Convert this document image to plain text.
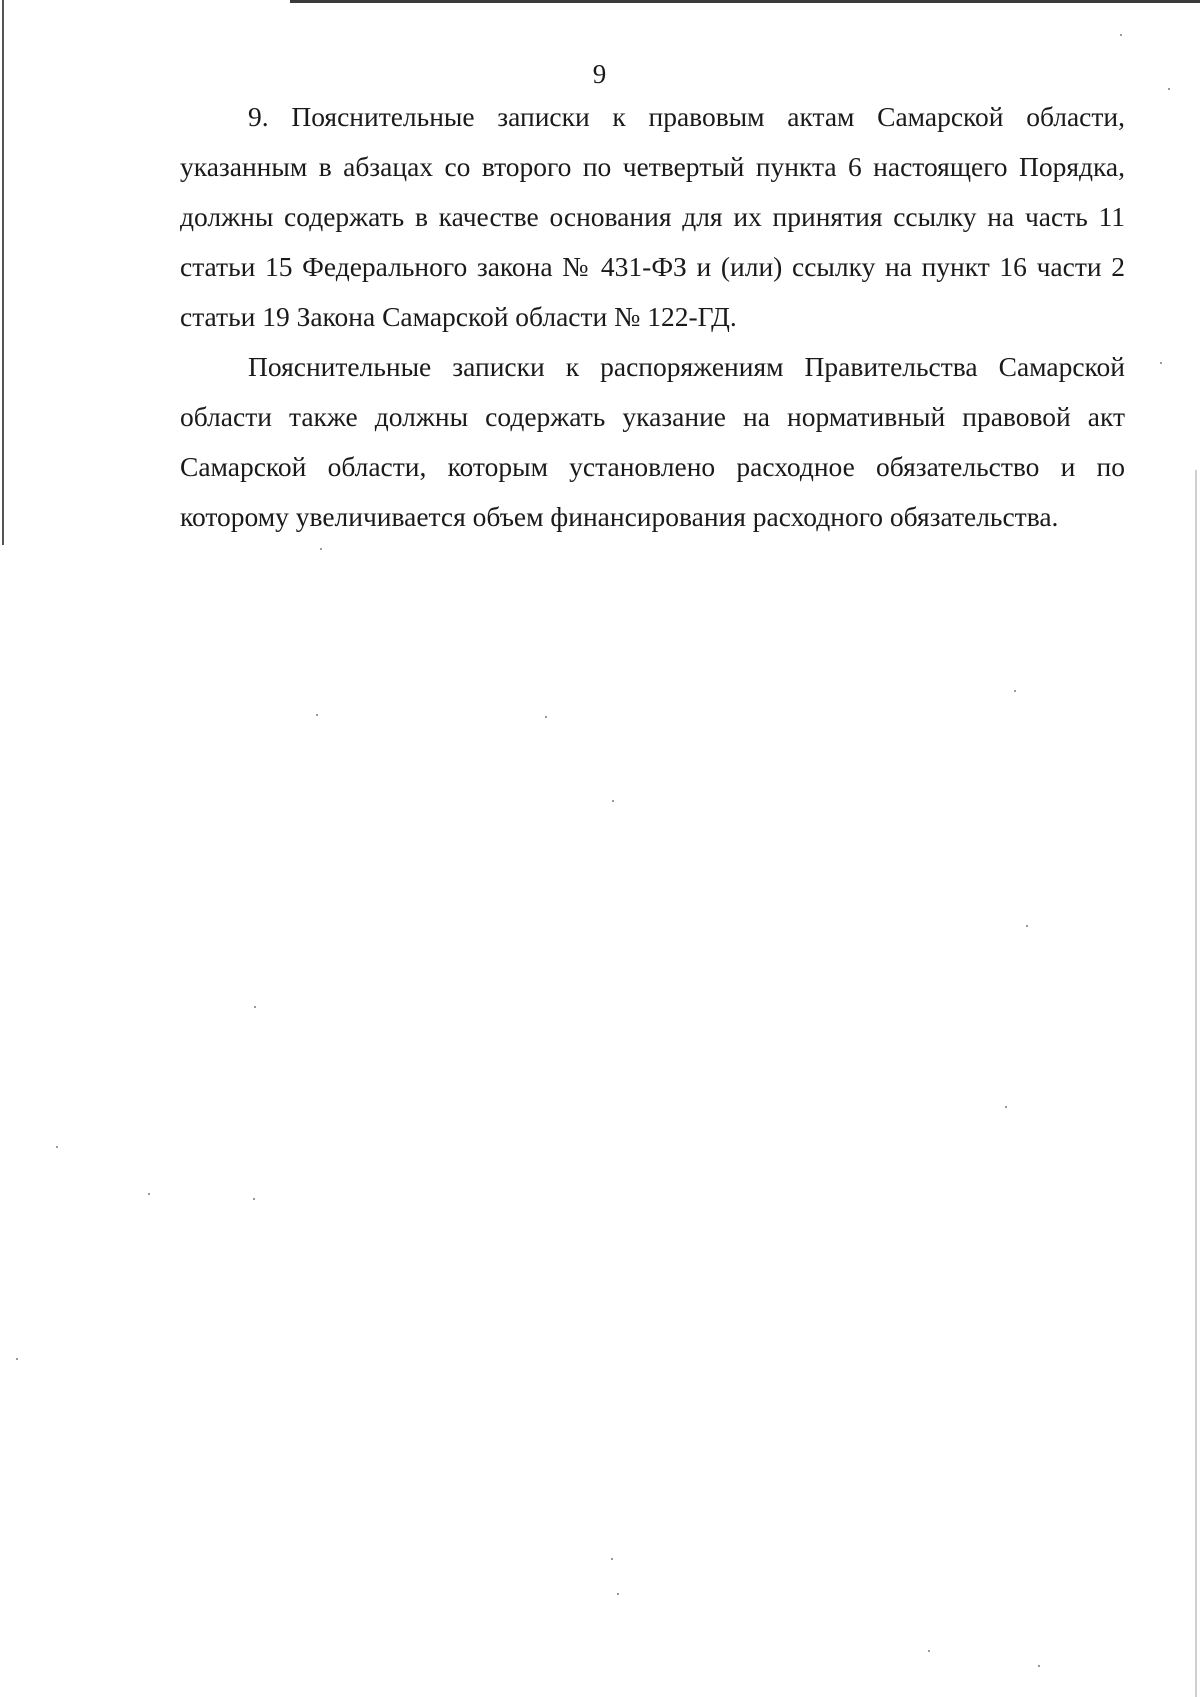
9

9. Пояснительные записки к правовым актам Самарской области, указанным в абзацах со второго по четвертый пункта 6 настоящего Порядка, должны содержать в качестве основания для их принятия ссылку на часть 11 статьи 15 Федерального закона № 431-ФЗ и (или) ссылку на пункт 16 части 2 статьи 19 Закона Самарской области № 122-ГД.

Пояснительные записки к распоряжениям Правительства Самарской области также должны содержать указание на нормативный правовой акт Самарской области, которым установлено расходное обязательство и по которому увеличивается объем финансирования расходного обязательства.
